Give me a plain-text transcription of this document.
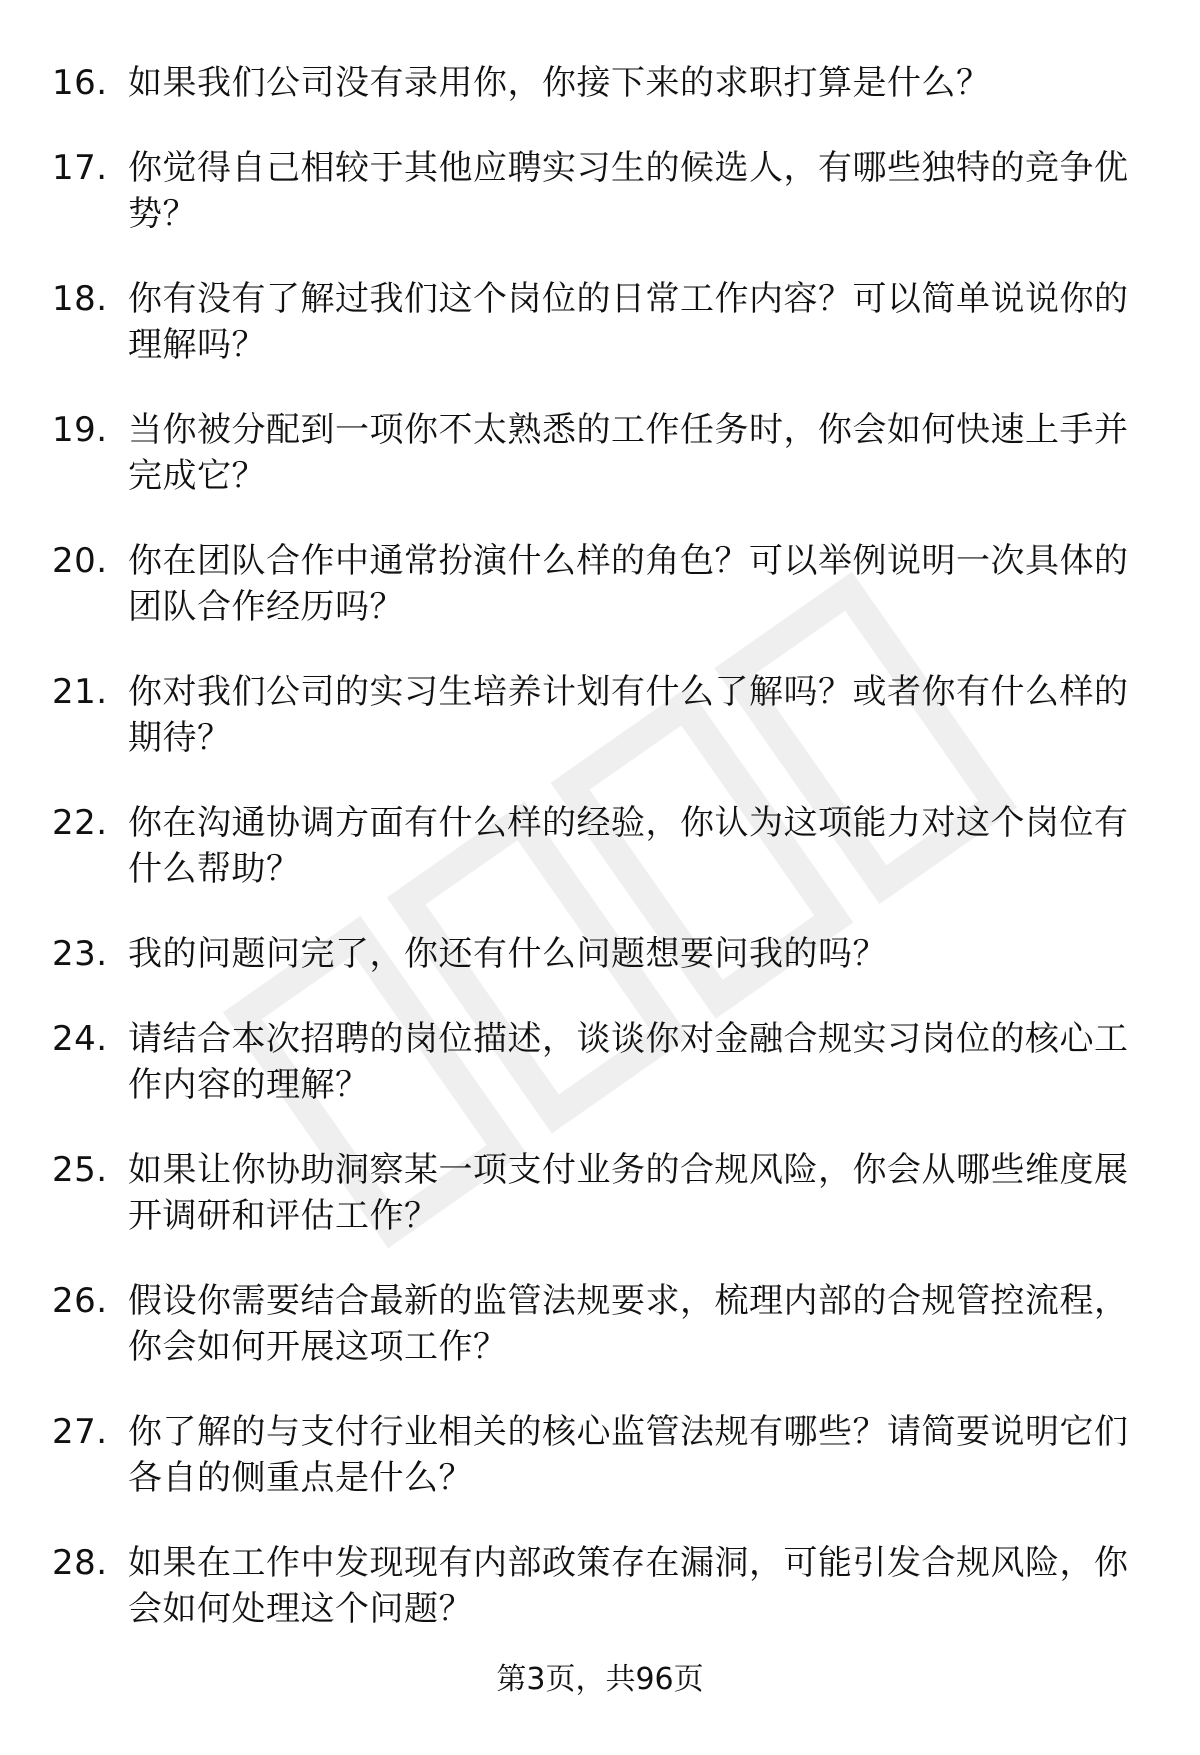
16. 如果我们公司没有录用你，你接下来的求职打算是什么？
17. 你觉得自己相较于其他应聘实习生的候选人，有哪些独特的竞争优势？
18. 你有没有了解过我们这个岗位的日常工作内容？可以简单说说你的理解吗？
19. 当你被分配到一项你不太熟悉的工作任务时，你会如何快速上手并完成它？
20. 你在团队合作中通常扮演什么样的角色？可以举例说明一次具体的团队合作经历吗？
21. 你对我们公司的实习生培养计划有什么了解吗？或者你有什么样的期待？
22. 你在沟通协调方面有什么样的经验，你认为这项能力对这个岗位有什么帮助？
23. 我的问题问完了，你还有什么问题想要问我的吗？
24. 请结合本次招聘的岗位描述，谈谈你对金融合规实习岗位的核心工作内容的理解？
25. 如果让你协助洞察某一项支付业务的合规风险，你会从哪些维度展开调研和评估工作？
26. 假设你需要结合最新的监管法规要求，梳理内部的合规管控流程，你会如何开展这项工作？
27. 你了解的与支付行业相关的核心监管法规有哪些？请简要说明它们各自的侧重点是什么？
28. 如果在工作中发现现有内部政策存在漏洞，可能引发合规风险，你会如何处理这个问题？
第3页，共96页
